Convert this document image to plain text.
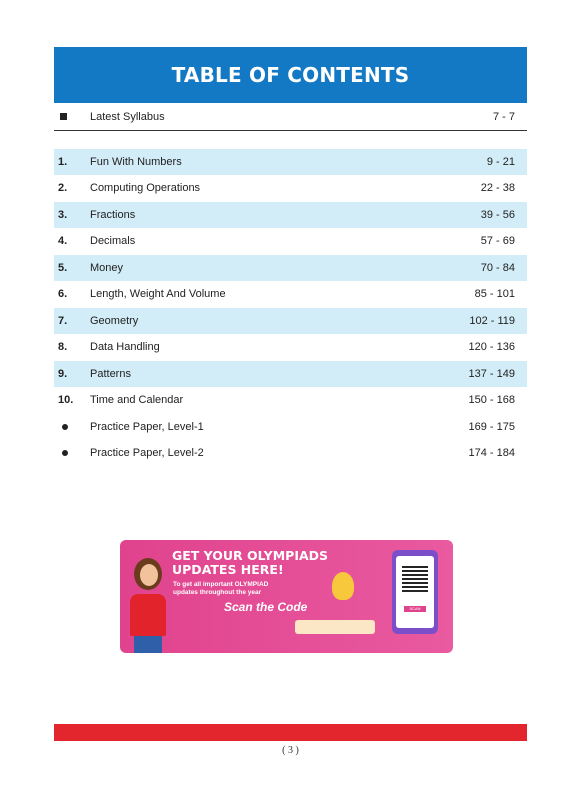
TABLE OF CONTENTS
Latest Syllabus	7 - 7
1.	Fun With Numbers	9 - 21
2.	Computing Operations	22 - 38
3.	Fractions	39 - 56
4.	Decimals	57 - 69
5.	Money	70 - 84
6.	Length, Weight And Volume	85 - 101
7.	Geometry	102 - 119
8.	Data Handling	120 - 136
9.	Patterns	137 - 149
10.	Time and Calendar	150 - 168
Practice Paper, Level-1	169 - 175
Practice Paper, Level-2	174 - 184
GET YOUR OLYMPIADS
UPDATES HERE!
To get all important OLYMPIAD
updates throughout the year
Scan the Code	SCAN
( 3 )
